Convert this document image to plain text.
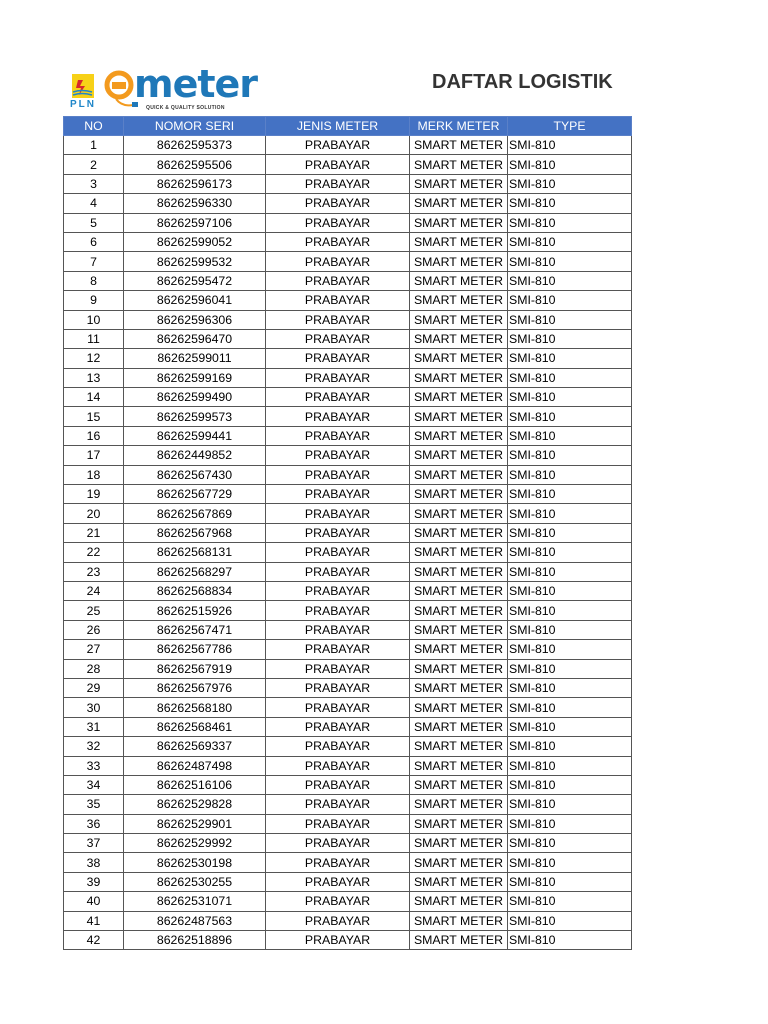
PLN meter
QUICK & QUALITY SOLUTION
DAFTAR LOGISTIK
NO	NOMOR SERI	JENIS METER	MERK METER	TYPE
1	86262595373	PRABAYAR	SMART METER	SMI-810
2	86262595506	PRABAYAR	SMART METER	SMI-810
3	86262596173	PRABAYAR	SMART METER	SMI-810
4	86262596330	PRABAYAR	SMART METER	SMI-810
5	86262597106	PRABAYAR	SMART METER	SMI-810
6	86262599052	PRABAYAR	SMART METER	SMI-810
7	86262599532	PRABAYAR	SMART METER	SMI-810
8	86262595472	PRABAYAR	SMART METER	SMI-810
9	86262596041	PRABAYAR	SMART METER	SMI-810
10	86262596306	PRABAYAR	SMART METER	SMI-810
11	86262596470	PRABAYAR	SMART METER	SMI-810
12	86262599011	PRABAYAR	SMART METER	SMI-810
13	86262599169	PRABAYAR	SMART METER	SMI-810
14	86262599490	PRABAYAR	SMART METER	SMI-810
15	86262599573	PRABAYAR	SMART METER	SMI-810
16	86262599441	PRABAYAR	SMART METER	SMI-810
17	86262449852	PRABAYAR	SMART METER	SMI-810
18	86262567430	PRABAYAR	SMART METER	SMI-810
19	86262567729	PRABAYAR	SMART METER	SMI-810
20	86262567869	PRABAYAR	SMART METER	SMI-810
21	86262567968	PRABAYAR	SMART METER	SMI-810
22	86262568131	PRABAYAR	SMART METER	SMI-810
23	86262568297	PRABAYAR	SMART METER	SMI-810
24	86262568834	PRABAYAR	SMART METER	SMI-810
25	86262515926	PRABAYAR	SMART METER	SMI-810
26	86262567471	PRABAYAR	SMART METER	SMI-810
27	86262567786	PRABAYAR	SMART METER	SMI-810
28	86262567919	PRABAYAR	SMART METER	SMI-810
29	86262567976	PRABAYAR	SMART METER	SMI-810
30	86262568180	PRABAYAR	SMART METER	SMI-810
31	86262568461	PRABAYAR	SMART METER	SMI-810
32	86262569337	PRABAYAR	SMART METER	SMI-810
33	86262487498	PRABAYAR	SMART METER	SMI-810
34	86262516106	PRABAYAR	SMART METER	SMI-810
35	86262529828	PRABAYAR	SMART METER	SMI-810
36	86262529901	PRABAYAR	SMART METER	SMI-810
37	86262529992	PRABAYAR	SMART METER	SMI-810
38	86262530198	PRABAYAR	SMART METER	SMI-810
39	86262530255	PRABAYAR	SMART METER	SMI-810
40	86262531071	PRABAYAR	SMART METER	SMI-810
41	86262487563	PRABAYAR	SMART METER	SMI-810
42	86262518896	PRABAYAR	SMART METER	SMI-810
